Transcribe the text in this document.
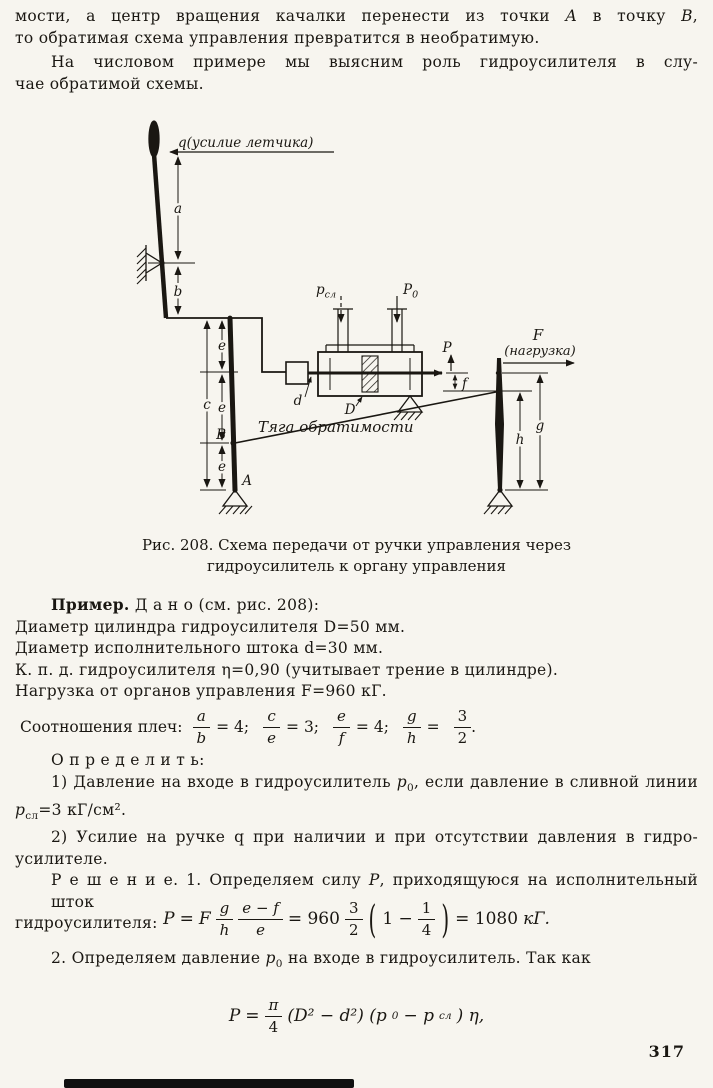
мости, а центр вращения качалки перенести из точки А в точку В,
то обратимая схема управления превратится в необратимую.
На числовом примере мы выясним роль гидроусилителя в слу-
чае обратимой схемы.
q(усилие летчика)
a
b
В
А
c
e
e
e
Тяга обратимости
$p_{сл}$	$P_0$
d
D
P
f
F
(нагрузка)
h
g
Рис. 208. Схема передачи от ручки управления через
гидроусилитель к органу управления
Пример. Д а н о (см. рис. 208):
Диаметр цилиндра гидроусилителя D=50 мм.
Диаметр исполнительного штока d=30 мм.
К. п. д. гидроусилителя η=0,90 (учитывает трение в цилиндре).
Нагрузка от органов управления F=960 кГ.
Соотношения плеч: $\frac{a}{b} = 4$; $\frac{c}{e} = 3$; $\frac{e}{f} = 4$; $\frac{g}{h} = \frac{3}{2}$ .
О п р е д е л и т ь:
1) Давление на входе в гидроусилитель $p_0$, если давление в сливной линии
$p_{сл}=3$ кГ/см².
2) Усилие на ручке q при наличии и при отсутствии давления в гидро-
усилителе.
Р е ш е н и е. 1. Определяем силу P, приходящуюся на исполнительный шток
гидроусилителя: P = F $\frac{g}{h} \frac{e - f}{e} = 960 \frac{3}{2}$ ( $1 - \frac{1}{4}$ ) = 1080 кГ.
2. Определяем давление $p_0$ на входе в гидроусилитель. Так как
$P = \frac{\pi}{4} (D^2 - d^2)$ (p 0 − p сл ) η,
317
